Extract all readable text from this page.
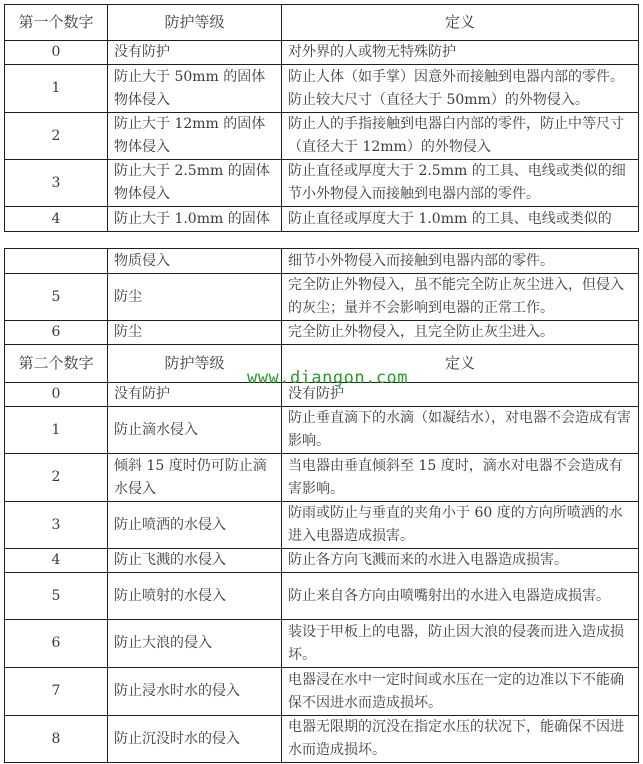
第一个数字	防护等级	定义
0	没有防护	对外界的人或物无特殊防护
1	防止大于 50mm 的固体物体侵入	防止人体（如手掌）因意外而接触到电器内部的零件。防止较大尺寸（直径大于 50mm）的外物侵入。
2	防止大于 12mm 的固体物体侵入	防止人的手指接触到电器白内部的零件，防止中等尺寸（直径大于 12mm）的外物侵入
3	防止大于 2.5mm 的固体物体侵入	防止直径或厚度大于 2.5mm 的工具、电线或类似的细节小外物侵入而接触到电器内部的零件。
4	防止大于 1.0mm 的固体	防止直径或厚度大于 1.0mm 的工具、电线或类似的
	物质侵入	细节小外物侵入而接触到电器内部的零件。
5	防尘	完全防止外物侵入，虽不能完全防止灰尘进入，但侵入的灰尘；量并不会影响到电器的正常工作。
6	防尘	完全防止外物侵入，且完全防止灰尘进入。
第二个数字	防护等级	定义
0	没有防护	没有防护
1	防止滴水侵入	防止垂直滴下的水滴（如凝结水），对电器不会造成有害影响。
2	倾斜 15 度时仍可防止滴水侵入	当电器由垂直倾斜至 15 度时，滴水对电器不会造成有害影响。
3	防止喷洒的水侵入	防雨或防止与垂直的夹角小于 60 度的方向所喷洒的水进入电器造成损害。
4	防止飞溅的水侵入	防止各方向飞溅而来的水进入电器造成损害。
5	防止喷射的水侵入	防止来自各方向由喷嘴射出的水进入电器造成损害。
6	防止大浪的侵入	装设于甲板上的电器，防止因大浪的侵袭而进入造成损坏。
7	防止浸水时水的侵入	电器浸在水中一定时间或水压在一定的边准以下不能确保不因进水而造成损坏。
8	防止沉没时水的侵入	电器无限期的沉没在指定水压的状况下，能确保不因进水而造成损坏。
www.diangon.com
